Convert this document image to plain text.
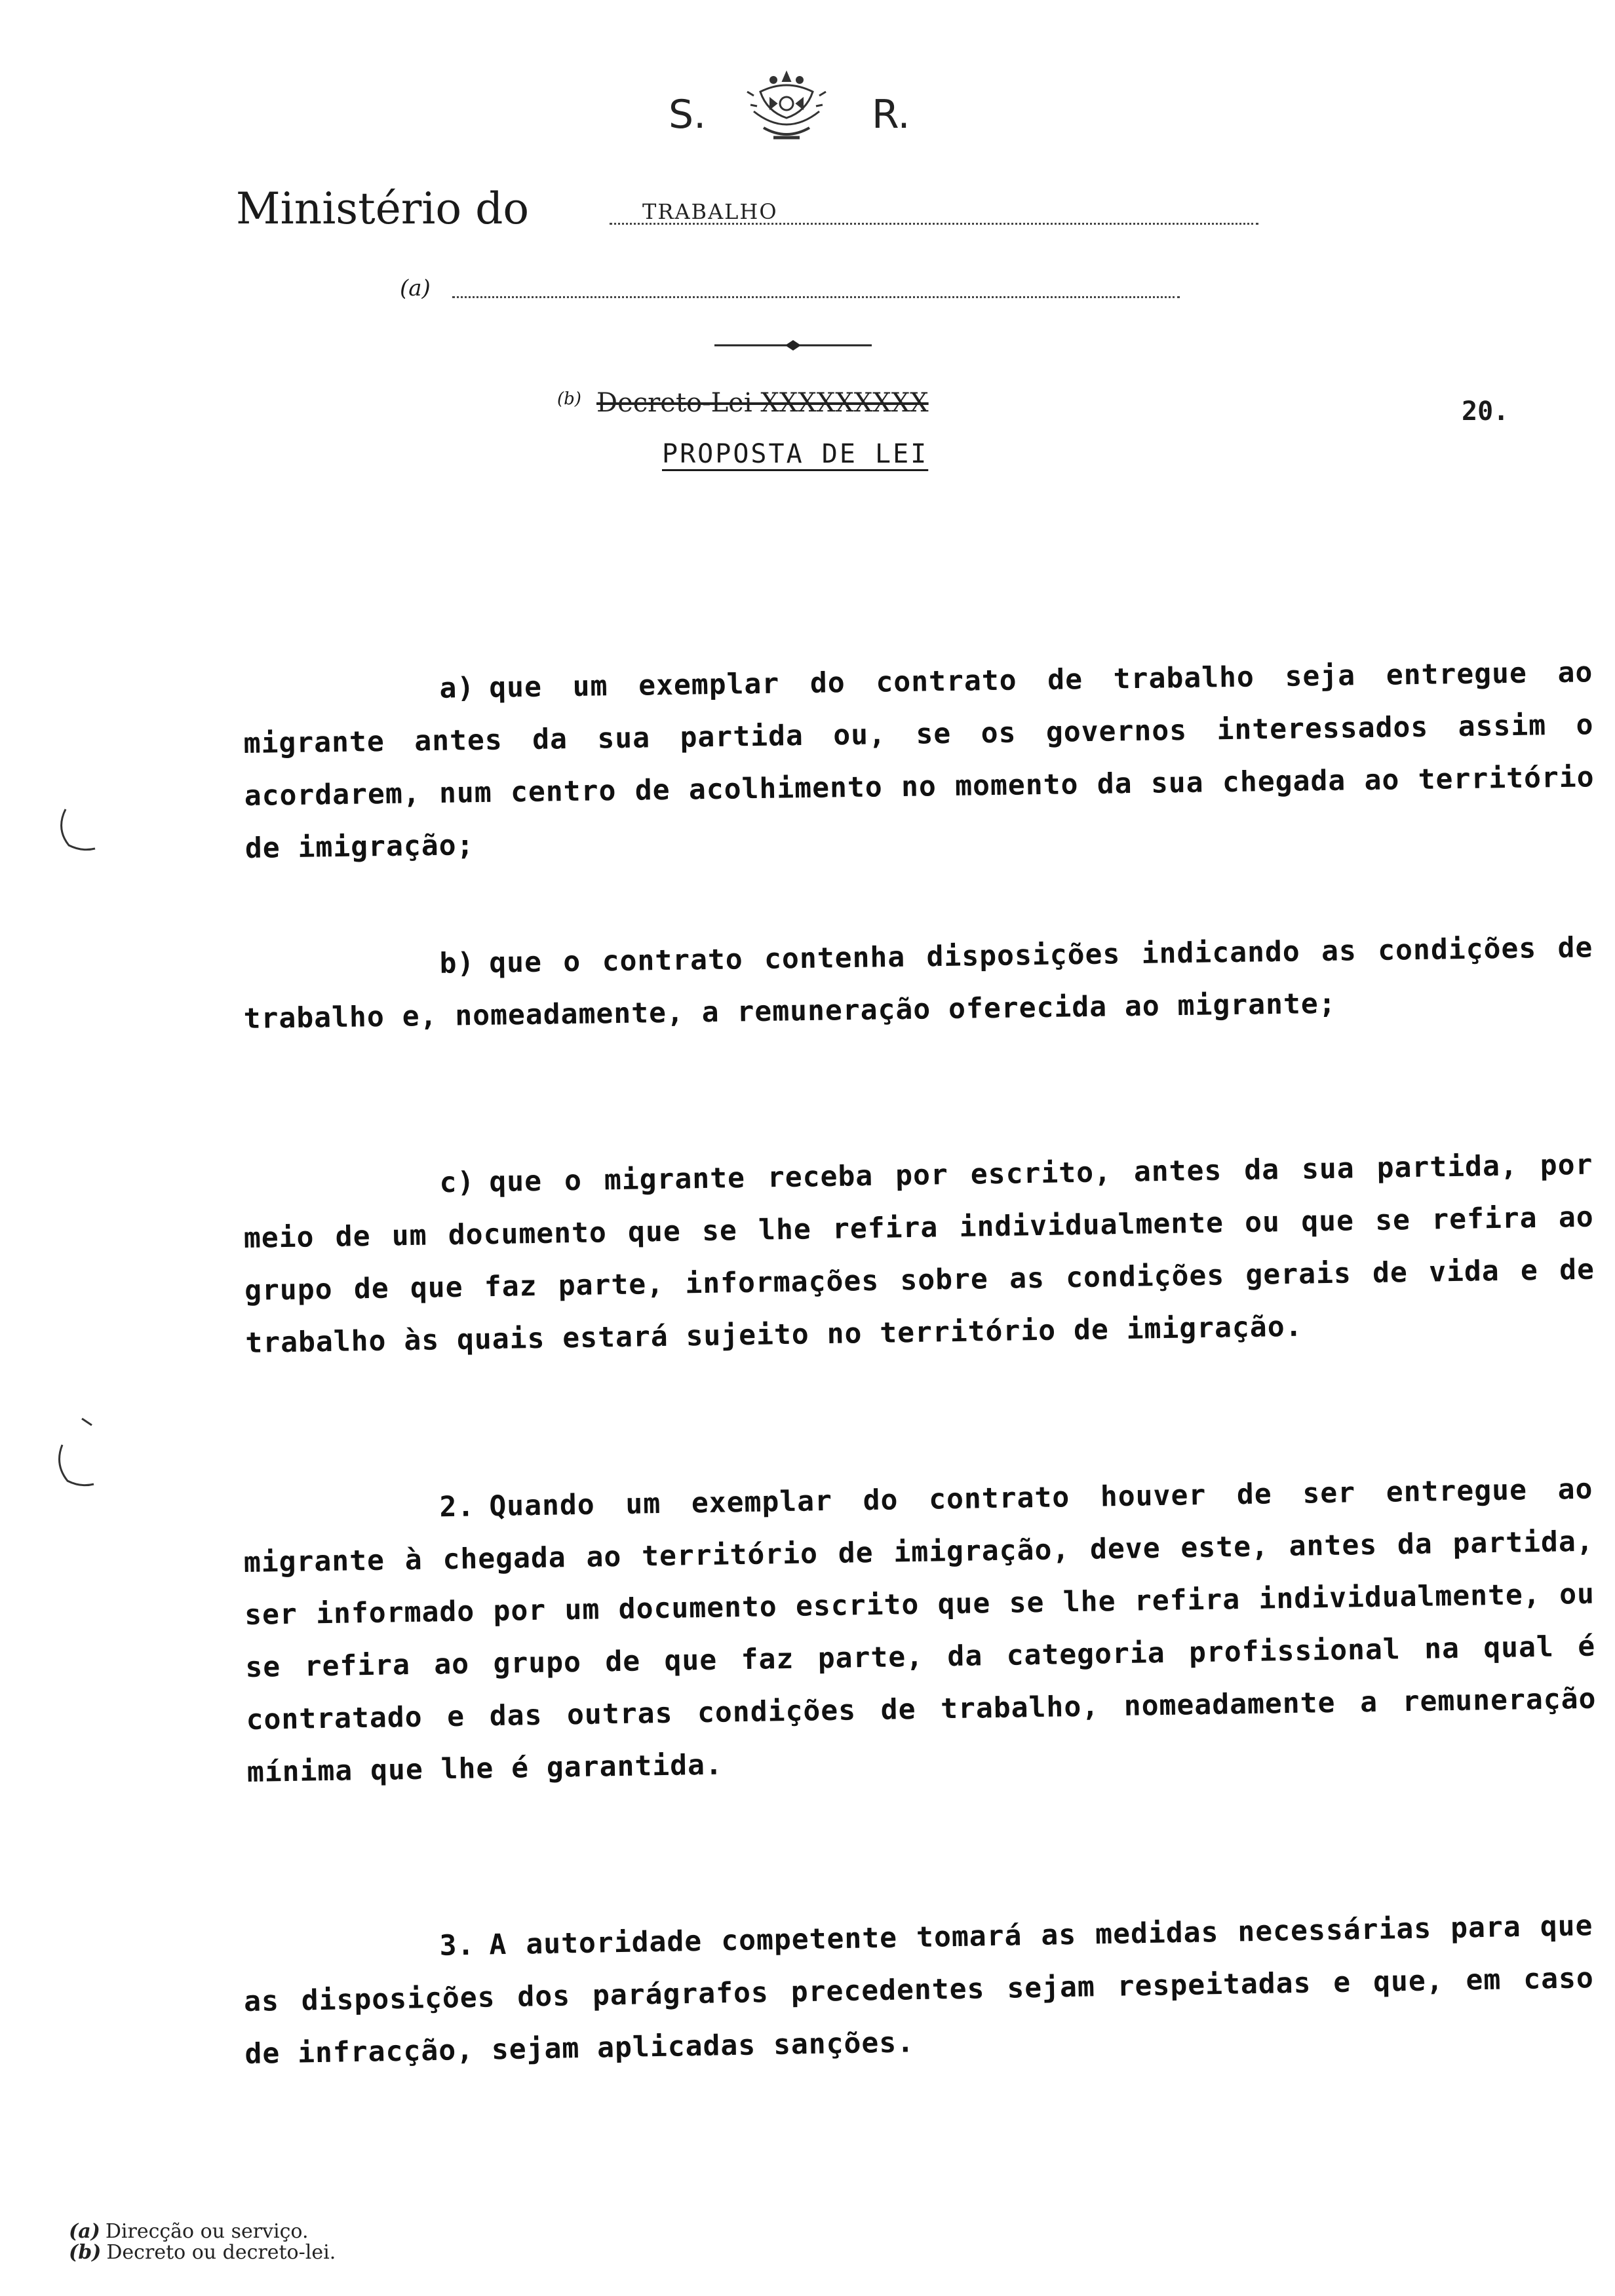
S.	R.
Ministério do	TRABALHO
(a)
(b) Decreto-Lei XXXXXXXXX	20.
PROPOSTA DE LEI
(a) Direcção ou serviço.
(b) Decreto ou decreto-lei.
a) que um exemplar do contrato de trabalho seja entregue ao migrante antes da sua partida ou, se os governos interessados assim o acordarem, num centro de acolhimento no momento da sua chegada ao território de imigração;
b) que o contrato contenha disposições indicando as condições de trabalho e, nomeadamente, a remuneração oferecida ao migrante;
c) que o migrante receba por escrito, antes da sua partida, por meio de um documento que se lhe refira individualmente ou que se refira ao grupo de que faz parte, informações sobre as condições gerais de vida e de trabalho às quais estará sujeito no território de imigração.
2. Quando um exemplar do contrato houver de ser entregue ao migrante à chegada ao território de imigração, deve este, antes da partida, ser informado por um documento escrito que se lhe refira individualmente, ou se refira ao grupo de que faz parte, da categoria profissional na qual é contratado e das outras condições de trabalho, nomeadamente a remuneração mínima que lhe é garantida.
3. A autoridade competente tomará as medidas necessárias para que as disposições dos parágrafos precedentes sejam respeitadas e que, em caso de infracção, sejam aplicadas sanções.
